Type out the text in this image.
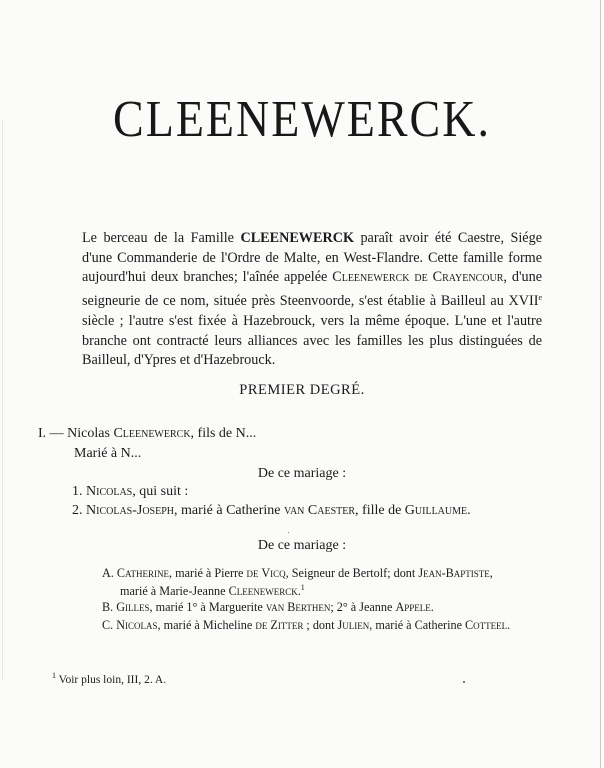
CLEENEWERCK.
Le berceau de la Famille CLEENEWERCK paraît avoir été Caestre, Siége
d'une Commanderie de l'Ordre de Malte, en West-Flandre. Cette famille forme
aujourd'hui deux branches; l'aînée appelée Cleenewerck de Crayencour, d'une
seigneurie de ce nom, située près Steenvoorde, s'est établie à Bailleul au XVIIe
siècle ; l'autre s'est fixée à Hazebrouck, vers la même époque. L'une et l'autre
branche ont contracté leurs alliances avec les familles les plus distinguées de
Bailleul, d'Ypres et d'Hazebrouck.
PREMIER DEGRÉ.
I. — Nicolas Cleenewerck, fils de N...
Marié à N...
De ce mariage :
1. Nicolas, qui suit :
2. Nicolas-Joseph, marié à Catherine van Caester, fille de Guillaume.
De ce mariage :
A. Catherine, marié à Pierre de Vicq, Seigneur de Bertolf; dont Jean-Baptiste,
marié à Marie-Jeanne Cleenewerck.$^1$
B. Gilles, marié 1° à Marguerite van Berthen; 2° à Jeanne Appele.
C. Nicolas, marié à Micheline de Zitter ; dont Julien, marié à Catherine Cotteel.
$^1$ Voir plus loin, III, 2. A.
